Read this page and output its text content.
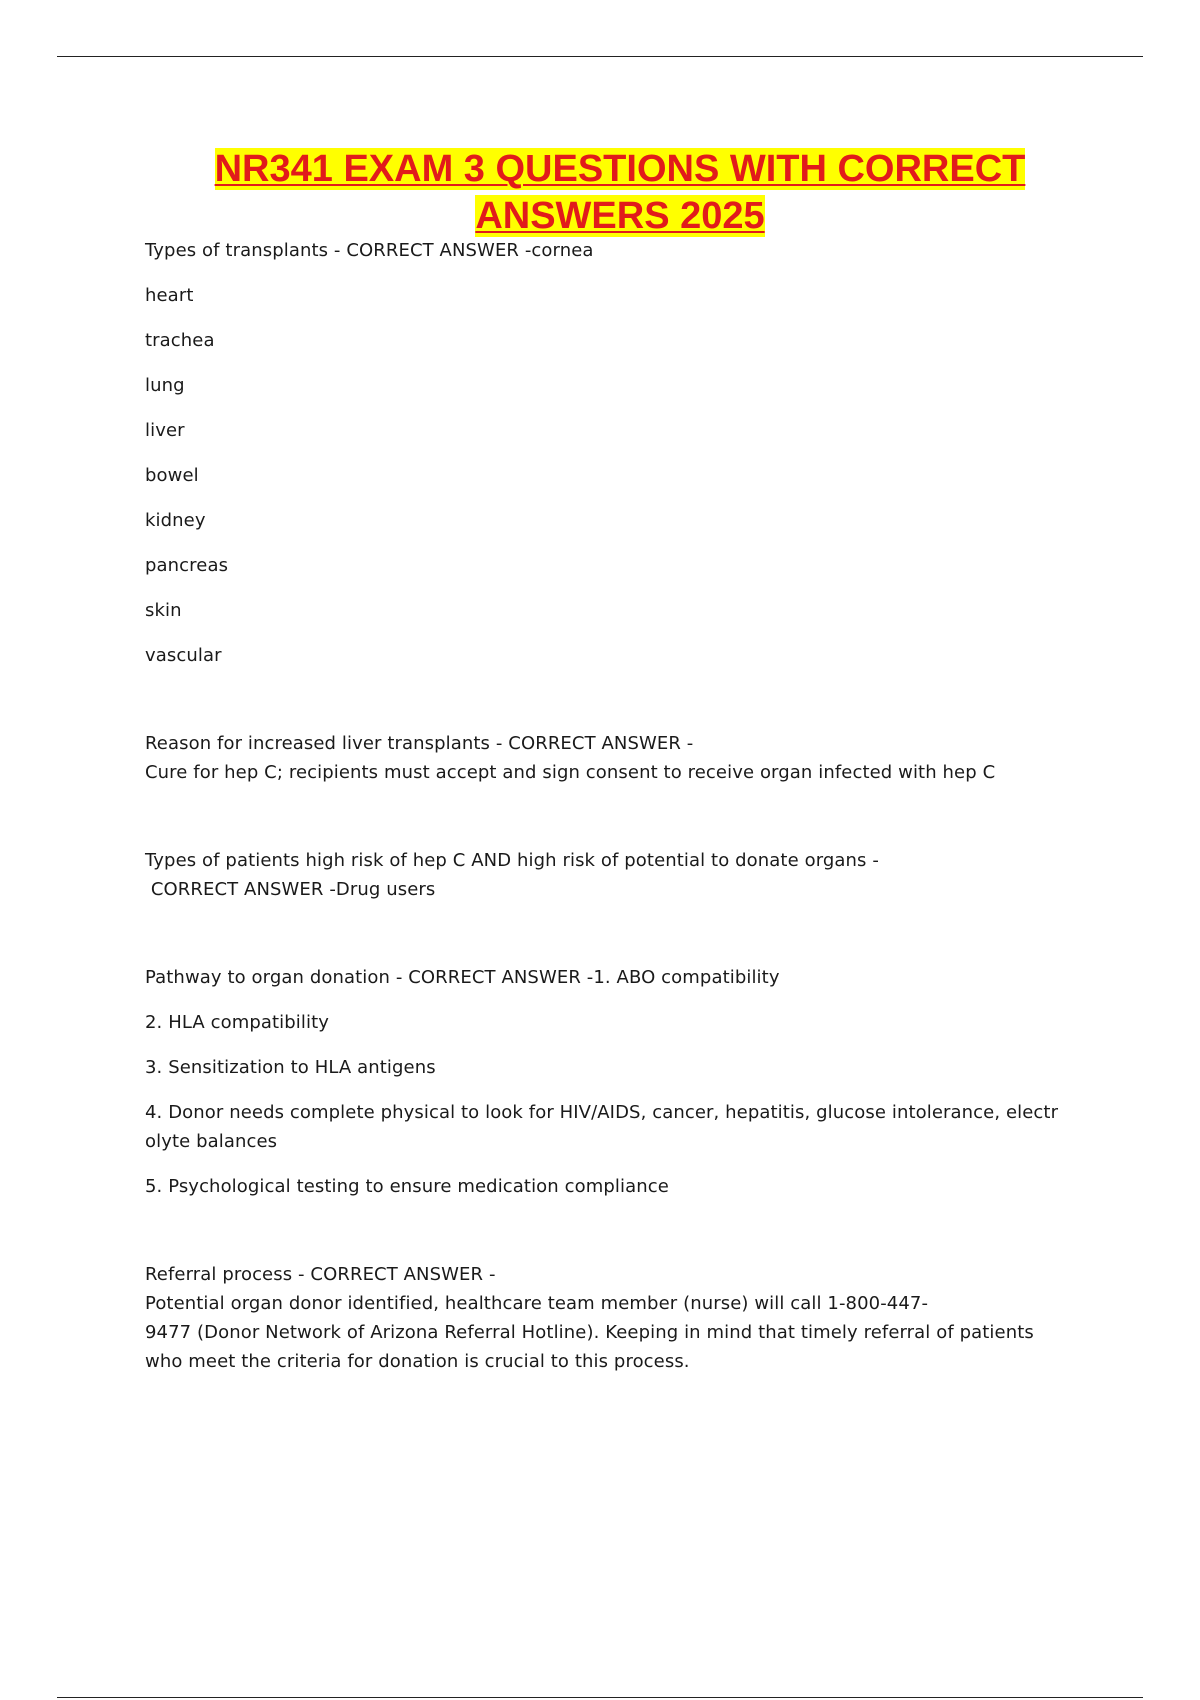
NR341 EXAM 3 QUESTIONS WITH CORRECT
ANSWERS 2025

Types of transplants - CORRECT ANSWER -cornea

heart

trachea

lung

liver

bowel

kidney

pancreas

skin

vascular

Reason for increased liver transplants - CORRECT ANSWER -

Cure for hep C; recipients must accept and sign consent to receive organ infected with hep C

Types of patients high risk of hep C AND high risk of potential to donate organs -

CORRECT ANSWER -Drug users

Pathway to organ donation - CORRECT ANSWER -1. ABO compatibility

2. HLA compatibility

3. Sensitization to HLA antigens

4. Donor needs complete physical to look for HIV/AIDS, cancer, hepatitis, glucose intolerance, electr

olyte balances

5. Psychological testing to ensure medication compliance

Referral process - CORRECT ANSWER -

Potential organ donor identified, healthcare team member (nurse) will call 1-800-447-

9477 (Donor Network of Arizona Referral Hotline). Keeping in mind that timely referral of patients

who meet the criteria for donation is crucial to this process.
